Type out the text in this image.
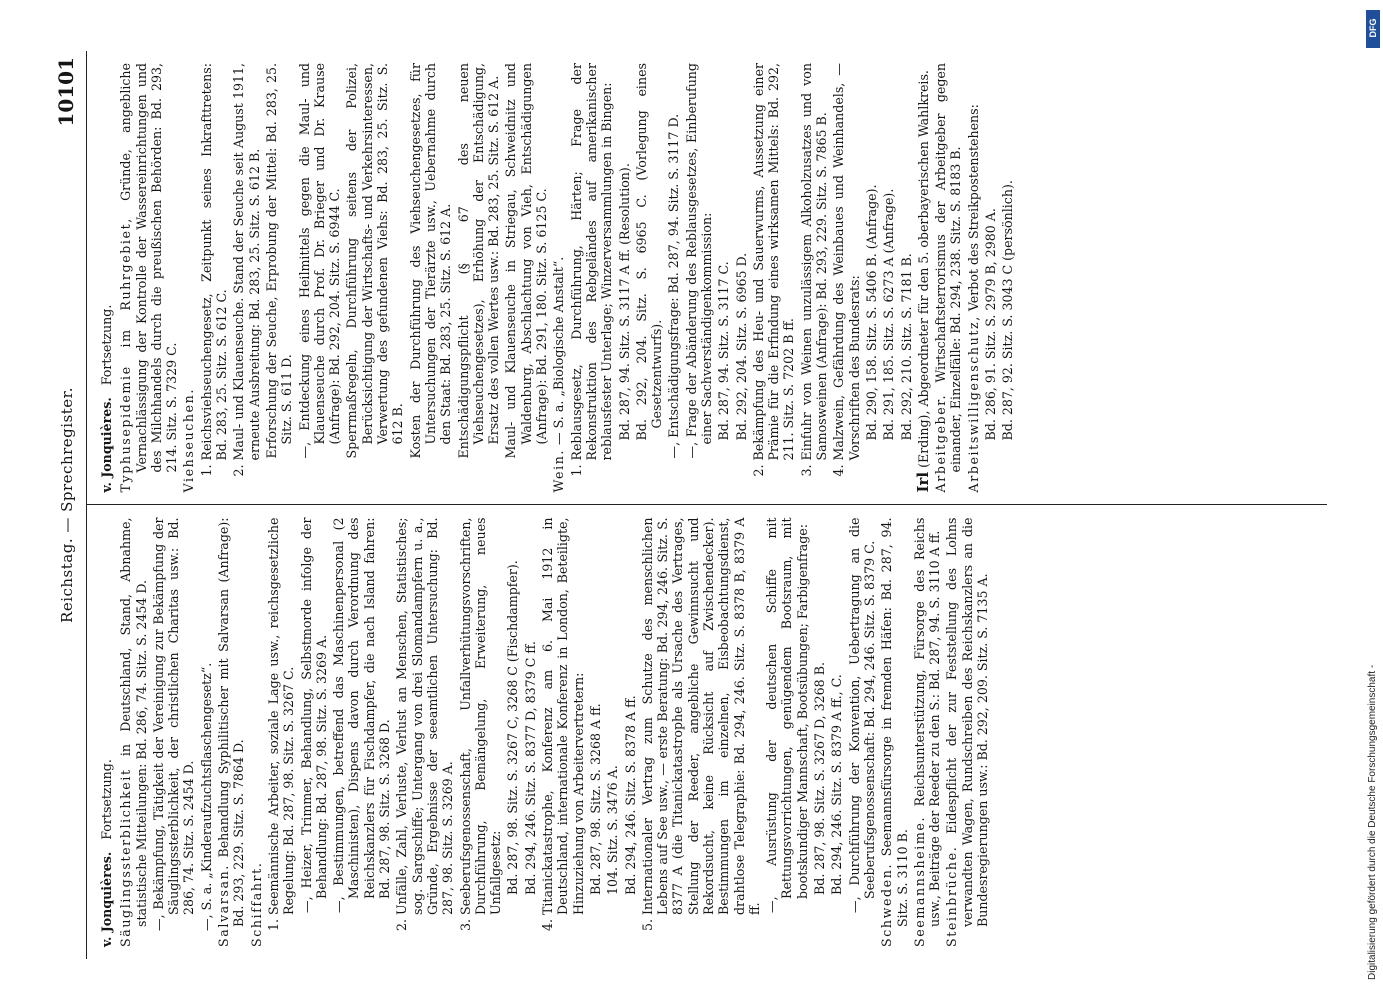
Reichstag. — Sprechregister.
10101
v. Jonquières. Fortsetzung. Säuglingssterblichkeit in Deutschland, Stand, Abnahme, statistische Mitteilungen: Bd. 286, 74. Sitz. S. 2454 D. —, Bekämpfung, Tätigkeit der Vereinigung zur Bekämpfung der Säuglingssterblichkeit, der christlichen Charitas usw.: Bd. 286, 74. Sitz. S. 2454 D. —, S. a. „Kinderaufzuchtsflaschengesetz“. Salvarsan. Behandlung Syphilitischer mit Salvarsan (Anfrage): Bd. 293, 229. Sitz. S. 7864 D. Schiffahrt. 1.Seemännische Arbeiter, soziale Lage usw., reichsgesetzliche Regelung: Bd. 287, 98. Sitz. S. 3267 C. —, Heizer, Trimmer, Behandlung, Selbstmorde infolge der Behandlung: Bd. 287, 98. Sitz. S. 3269 A. —, Bestimmungen, betreffend das Maschinenpersonal (2 Maschinisten), Dispens davon durch Verordnung des Reichskanzlers für Fischdampfer, die nach Island fahren: Bd. 287, 98. Sitz. S. 3268 D.

2.Unfälle, Zahl, Verluste, Verlust an Menschen, Statistisches; sog. Sargschiffe; Untergang von drei Slomandampfern u. a., Gründe, Ergebnisse der seeamtlichen Untersuchung: Bd. 287, 98. Sitz. S. 3269 A.

3.Seeberufsgenossenschaft, Unfallverhütungsvorschriften, Durchführung, Bemängelung, Erweiterung, neues Unfallgesetz: Bd. 287, 98. Sitz. S. 3267 C, 3268 C (Fischdampfer). Bd. 294, 246. Sitz. S. 8377 D, 8379 C ff.

4.Titanickatastrophe, Konferenz am 6. Mai 1912 in Deutschland, internationale Konferenz in London, Beteiligte, Hinzuziehung von Arbeitervertretern: Bd. 287, 98. Sitz. S. 3268 A ff. 104. Sitz. S. 3476 A. Bd. 294, 246. Sitz. S. 8378 A ff.

5.Internationaler Vertrag zum Schutze des menschlichen Lebens auf See usw., — erste Beratung: Bd. 294, 246. Sitz. S. 8377 A (die Titanickatastrophe als Ursache des Vertrages, Stellung der Reeder, angebliche Gewinnsucht und Rekordsucht, keine Rücksicht auf Zwischendecker). Bestimmungen im einzelnen, Eisbeobachtungsdienst, drahtlose Telegraphie: Bd. 294, 246. Sitz. S. 8378 B, 8379 A ff. —, Ausrüstung der deutschen Schiffe mit Rettungsvorrichtungen, genügendem Bootsraum, mit bootskundiger Mannschaft, Bootsübungen; Farbigenfrage: Bd. 287, 98. Sitz. S. 3267 D, 3268 B. Bd. 294, 246. Sitz. S. 8379 A ff., C. —, Durchführung der Konvention, Uebertragung an die Seeberufsgenossenschaft: Bd. 294, 246. Sitz. S. 8379 C.

Schweden. Seemannsfürsorge in fremden Häfen: Bd. 287, 94. Sitz. S. 3110 B. Seemannsheime. Reichsunterstützung, Fürsorge des Reichs usw., Beiträge der Reeder zu den S.: Bd. 287, 94. S. 3110 A ff. Steinbrüche. Eidespflicht der zur Feststellung des Lohns verwandten Wagen, Rundschreiben des Reichskanzlers an die Bundesregierungen usw.: Bd. 292, 209. Sitz. S. 7135 A.

v. Jonquières. Fortsetzung. Typhusepidemie im Ruhrgebiet, Gründe, angebliche Vernachlässigung der Kontrolle der Wassereinrichtungen und des Milchhandels durch die preußischen Behörden: Bd. 293, 214. Sitz. S. 7329 C. Viehseuchen. 1.Reichsviehseuchengesetz, Zeitpunkt seines Inkrafttretens: Bd. 283, 25. Sitz. S. 612 C.

2.Maul- und Klauenseuche. Stand der Seuche seit August 1911, erneute Ausbreitung: Bd. 283, 25. Sitz. S. 612 B. Erforschung der Seuche, Erprobung der Mittel: Bd. 283, 25. Sitz. S. 611 D. —, Entdeckung eines Heilmittels gegen die Maul- und Klauenseuche durch Prof. Dr. Brieger und Dr. Krause (Anfrage): Bd. 292, 204. Sitz. S. 6944 C. Sperrmaßregeln, Durchführung seitens der Polizei, Berücksichtigung der Wirtschafts- und Verkehrsinteressen, Verwertung des gefundenen Viehs: Bd. 283, 25. Sitz. S. 612 B. Kosten der Durchführung des Viehseuchengesetzes, für Untersuchungen der Tierärzte usw., Uebernahme durch den Staat: Bd. 283, 25. Sitz. S. 612 A. Entschädigungspflicht (§ 67 des neuen Viehseuchengesetzes), Erhöhung der Entschädigung, Ersatz des vollen Wertes usw.: Bd. 283, 25. Sitz. S. 612 A. Maul- und Klauenseuche in Striegau, Schweidnitz und Waldenburg, Abschlachtung von Vieh, Entschädigungen (Anfrage): Bd. 291, 180. Sitz. S. 6125 C.

Wein. — S. a. „Biologische Anstalt“.

1.Reblausgesetz, Durchführung, Härten; Frage der Rekonstruktion des Rebgeländes auf amerikanischer reblausfester Unterlage; Winzerversammlungen in Bingen: Bd. 287, 94. Sitz. S. 3117 A ff. (Resolution). Bd. 292, 204. Sitz. S. 6965 C. (Vorlegung eines Gesetzentwurfs). —, Entschädigungsfrage: Bd. 287, 94. Sitz. S. 3117 D. —, Frage der Abänderung des Reblausgesetzes, Einberufung einer Sachverständigenkommission: Bd. 287, 94. Sitz. S. 3117 C. Bd. 292, 204. Sitz. S. 6965 D.

2.Bekämpfung des Heu- und Sauerwurms, Aussetzung einer Prämie für die Erfindung eines wirksamen Mittels: Bd. 292, 211. Sitz. S. 7202 B ff.

3.Einfuhr von Weinen unzulässigem Alkoholzusatzes und von Samosweinen (Anfrage): Bd. 293, 229. Sitz. S. 7865 B.

4.Malzwein, Gefährdung des Weinbaues und Weinhandels, — Vorschriften des Bundesrats: Bd. 290, 158. Sitz. S. 5406 B. (Anfrage). Bd. 291, 185. Sitz. S. 6273 A (Anfrage). Bd. 292, 210. Sitz. S. 7181 B.

Irl (Erding), Abgeordneter für den 5. oberbayerischen Wahlkreis. Arbeitgeber. Wirtschaftsterrorismus der Arbeitgeber gegen einander, Einzelfälle: Bd. 294, 238. Sitz. S. 8183 B. Arbeitswilligenschutz, Verbot des Streikpostenstehens:

Bd. 286, 91. Sitz. S. 2979 B, 2980 A. Bd. 287, 92. Sitz. S. 3043 C (persönlich).

DFG
Digitalisierung gefördert durch die Deutsche Forschungsgemeinschaft -
